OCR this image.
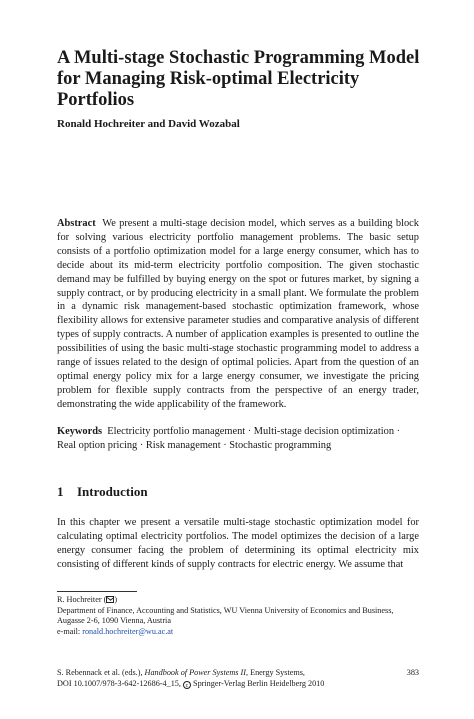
A Multi-stage Stochastic Programming Model for Managing Risk-optimal Electricity Portfolios

Ronald Hochreiter and David Wozabal

Abstract We present a multi-stage decision model, which serves as a building block for solving various electricity portfolio management problems. The basic setup consists of a portfolio optimization model for a large energy consumer, which has to decide about its mid-term electricity portfolio composition. The given stochastic demand may be fulfilled by buying energy on the spot or futures market, by signing a supply contract, or by producing electricity in a small plant. We formulate the problem in a dynamic risk management-based stochastic optimization framework, whose flexibility allows for extensive parameter studies and comparative analysis of different types of supply contracts. A number of application examples is presented to outline the possibilities of using the basic multi-stage stochastic programming model to address a range of issues related to the design of optimal policies. Apart from the question of an optimal energy policy mix for a large energy consumer, we investigate the pricing problem for flexible supply contracts from the perspective of an energy trader, demonstrating the wide applicability of the framework.

Keywords Electricity portfolio management · Multi-stage decision optimization · Real option pricing · Risk management · Stochastic programming

1 Introduction

In this chapter we present a versatile multi-stage stochastic optimization model for calculating optimal electricity portfolios. The model optimizes the decision of a large energy consumer facing the problem of determining its optimal electricity mix consisting of different kinds of supply contracts for electric energy. We assume that

R. Hochreiter ( )
Department of Finance, Accounting and Statistics, WU Vienna University of Economics and Business, Augasse 2-6, 1090 Vienna, Austria
e-mail: ronald.hochreiter@wu.ac.at
S. Rebennack et al. (eds.), Handbook of Power Systems II, Energy Systems,
DOI 10.1007/978-3-642-12686-4_15, c Springer-Verlag Berlin Heidelberg 2010
383
